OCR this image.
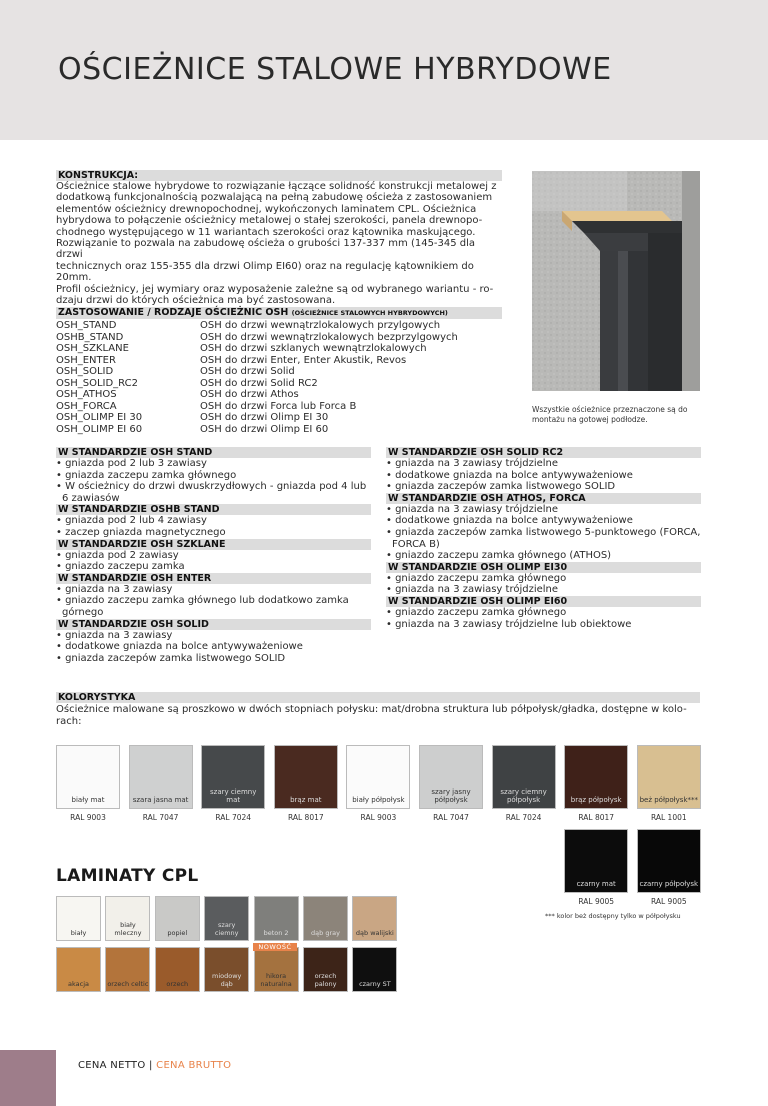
OŚCIEŻNICE STALOWE HYBRYDOWE
KONSTRUKCJA:

Ościeżnice stalowe hybrydowe to rozwiązanie łączące solidność konstrukcji metalowej z

dodatkową funkcjonalnością pozwalającą na pełną zabudowę ościeża z zastosowaniem

elementów ościeżnicy drewnopochodnej, wykończonych laminatem CPL. Ościeżnica

hybrydowa to połączenie ościeżnicy metalowej o stałej szerokości, panela drewnopo-

chodnego występującego w 11 wariantach szerokości oraz kątownika maskującego.

Rozwiązanie to pozwala na zabudowę ościeża o grubości 137-337 mm (145-345 dla drzwi

technicznych oraz 155-355 dla drzwi Olimp EI60) oraz na regulację kątownikiem do

20mm.

Profil ościeżnicy, jej wymiary oraz wyposażenie zależne są od wybranego wariantu - ro-

dzaju drzwi do których ościeżnica ma być zastosowana.

ZASTOSOWANIE / RODZAJE OŚCIEŻNIC OSH (OŚCIEŻNICE STALOWYCH HYBRYDOWYCH)
OSH_STAND	OSH do drzwi wewnątrzlokalowych przylgowych
OSHB_STAND	OSH do drzwi wewnątrzlokalowych bezprzylgowych
OSH_SZKLANE	OSH do drzwi szklanych wewnątrzlokalowych
OSH_ENTER	OSH do drzwi Enter, Enter Akustik, Revos
OSH_SOLID	OSH do drzwi Solid
OSH_SOLID_RC2	OSH do drzwi Solid RC2
OSH_ATHOS	OSH do drzwi Athos
OSH_FORCA	OSH do drzwi Forca lub Forca B
OSH_OLIMP EI 30	OSH do drzwi Olimp EI 30
OSH_OLIMP EI 60	OSH do drzwi Olimp EI 60
Wszystkie ościeżnice przeznaczone są do
montażu na gotowej podłodze.
W STANDARDZIE OSH STAND
• gniazda pod 2 lub 3 zawiasy
• gniazda zaczepu zamka głównego
• W ościeżnicy do drzwi dwuskrzydłowych - gniazda pod 4 lub 6 zawiasów
W STANDARDZIE OSHB STAND
• gniazda pod 2 lub 4 zawiasy
• zaczep gniazda magnetycznego
W STANDARDZIE OSH SZKLANE
• gniazda pod 2 zawiasy
• gniazdo zaczepu zamka
W STANDARDZIE OSH ENTER
• gniazda na 3 zawiasy
• gniazdo zaczepu zamka głównego lub dodatkowo zamka górnego
W STANDARDZIE OSH SOLID
• gniazda na 3 zawiasy
• dodatkowe gniazda na bolce antywyważeniowe
• gniazda zaczepów zamka listwowego SOLID
W STANDARDZIE OSH SOLID RC2
• gniazda na 3 zawiasy trójdzielne
• dodatkowe gniazda na bolce antywyważeniowe
• gniazda zaczepów zamka listwowego SOLID
W STANDARDZIE OSH ATHOS, FORCA
• gniazda na 3 zawiasy trójdzielne
• dodatkowe gniazda na bolce antywyważeniowe
• gniazda zaczepów zamka listwowego 5-punktowego (FORCA, FORCA B)
• gniazdo zaczepu zamka głównego (ATHOS)
W STANDARDZIE OSH OLIMP EI30
• gniazdo zaczepu zamka głównego
• gniazda na 3 zawiasy trójdzielne
W STANDARDZIE OSH OLIMP EI60
• gniazdo zaczepu zamka głównego
• gniazda na 3 zawiasy trójdzielne lub obiektowe
KOLORYSTYKA

Ościeżnice malowane są proszkowo w dwóch stopniach połysku: mat/drobna struktura lub półpołysk/gładka, dostępne w kolo-

rach:

biały mat
RAL 9003
szara jasna mat
RAL 7047
szary ciemny mat
RAL 7024
brąz mat
RAL 8017
biały półpołysk
RAL 9003
szary jasny półpołysk
RAL 7047
szary ciemny półpołysk
RAL 7024
brąz półpołysk
RAL 8017
beż półpołysk***
RAL 1001
czarny mat
RAL 9005
czarny półpołysk
RAL 9005
*** kolor beż dostępny tylko w półpołysku
LAMINATY CPL
biały
biały mleczny	popiel
szary ciemny	beton 2	dąb gray	dąb walijski
akacja	orzech celtic	orzech
miodowy dąb
hikora naturalna
orzech palony	czarny ST
NOWOŚĆ
CENA NETTO | CENA BRUTTO
